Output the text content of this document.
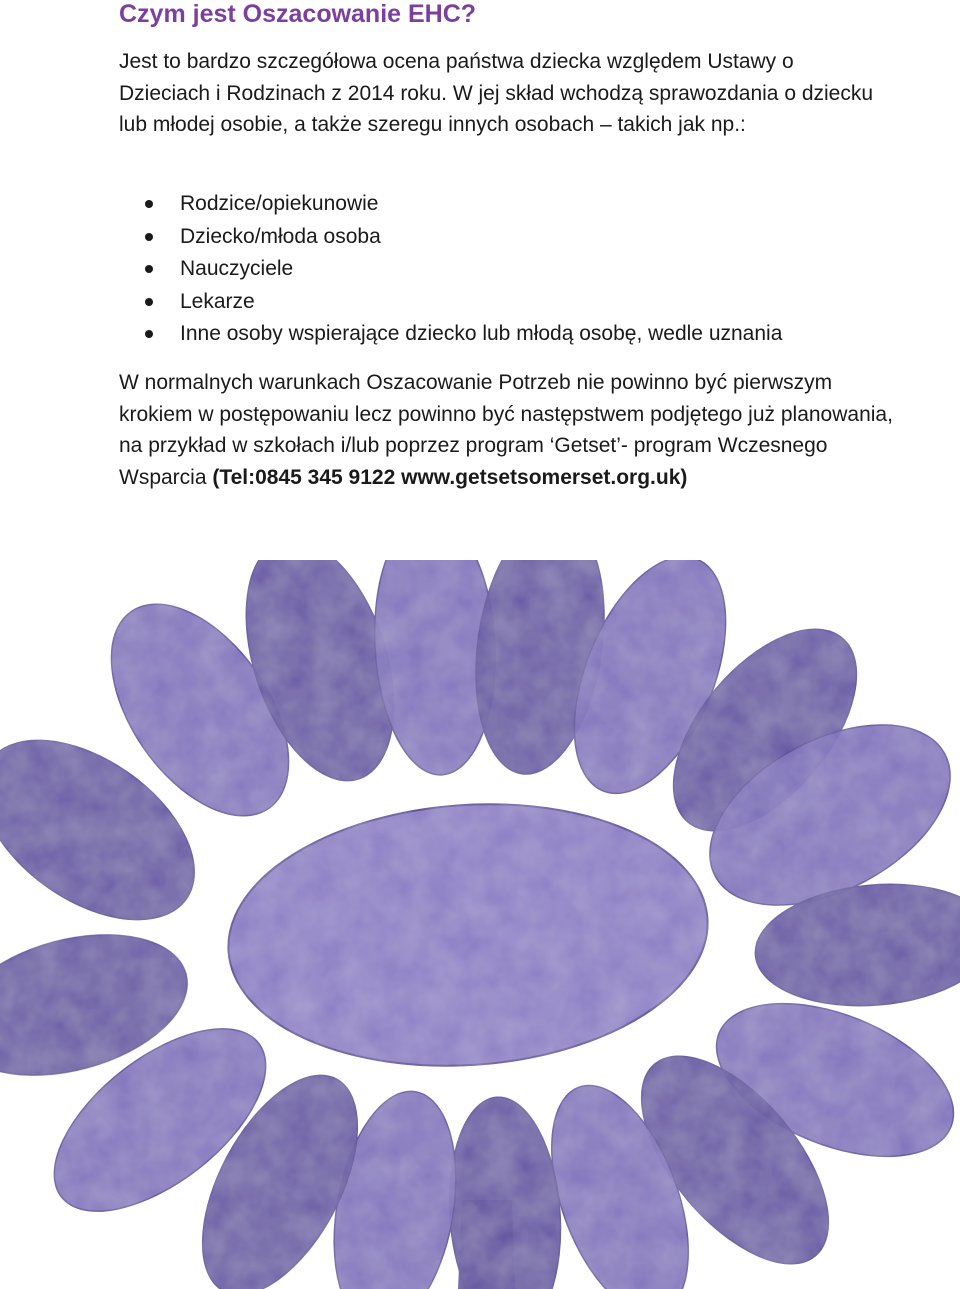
Czym jest Oszacowanie EHC?

Jest to bardzo szczegółowa ocena państwa dziecka względem Ustawy o Dzieciach i Rodzinach z 2014 roku. W jej skład wchodzą sprawozdania o dziecku lub młodej osobie, a także szeregu innych osobach – takich jak np.:

Rodzice/opiekunowie
Dziecko/młoda osoba
Nauczyciele
Lekarze
Inne osoby wspierające dziecko lub młodą osobę, wedle uznania

W normalnych warunkach Oszacowanie Potrzeb nie powinno być pierwszym krokiem w postępowaniu lecz powinno być następstwem podjętego już planowania, na przykład w szkołach i/lub poprzez program ‘Getset’- program Wczesnego Wsparcia (Tel:0845 345 9122 www.getsetsomerset.org.uk)
